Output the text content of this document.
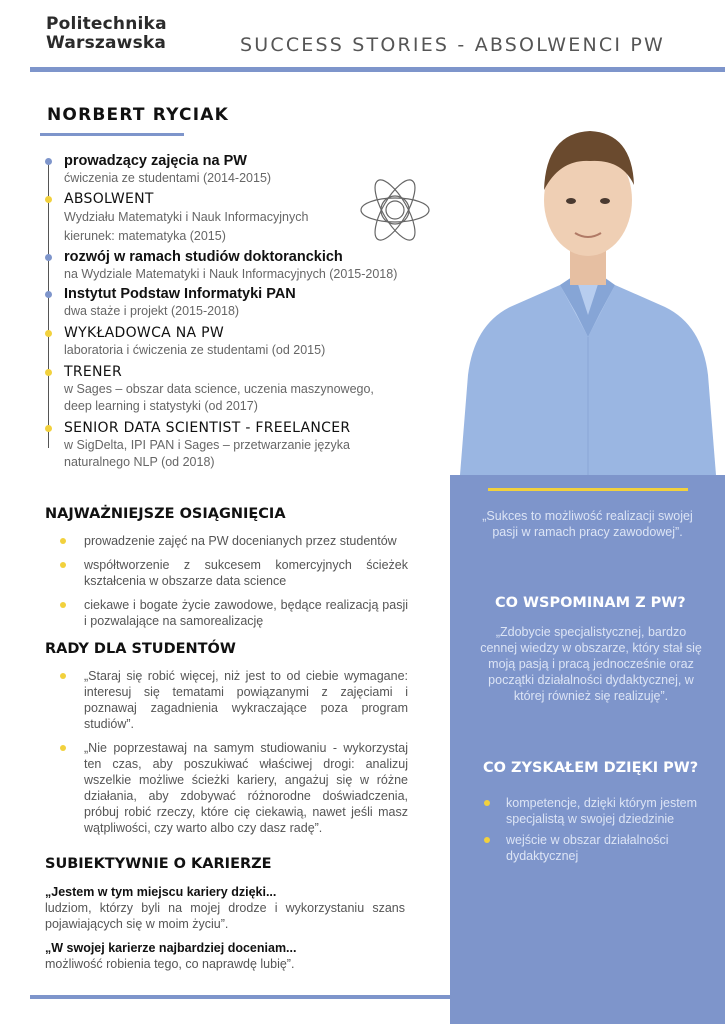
Politechnika
Warszawska	SUCCESS STORIES - ABSOLWENCI PW
NORBERT RYCIAK
prowadzący zajęcia na PW
ćwiczenia ze studentami (2014-2015)
ABSOLWENT
Wydziału Matematyki i Nauk Informacyjnych kierunek: matematyka (2015)
rozwój w ramach studiów doktoranckich
na Wydziale Matematyki i Nauk Informacyjnych (2015-2018)
Instytut Podstaw Informatyki PAN
dwa staże i projekt (2015-2018)
WYKŁADOWCA NA PW
laboratoria i ćwiczenia ze studentami (od 2015)
TRENER
w Sages – obszar data science, uczenia maszynowego, deep learning i statystyki (od 2017)
SENIOR DATA SCIENTIST - FREELANCER
w SigDelta, IPI PAN i Sages – przetwarzanie języka naturalnego NLP (od 2018)
„Sukces to możliwość realizacji swojej pasji w ramach pracy zawodowej”.
CO WSPOMINAM Z PW?
„Zdobycie specjalistycznej, bardzo cennej wiedzy w obszarze, który stał się moją pasją i pracą jednocześnie oraz początki działalności dydaktycznej, w której również się realizuję”.
CO ZYSKAŁEM DZIĘKI PW?
kompetencje, dzięki którym jestem specjalistą w swojej dziedzinie
wejście w obszar działalności dydaktycznej
NAJWAŻNIEJSZE OSIĄGNIĘCIA
prowadzenie zajęć na PW docenianych przez studentów
współtworzenie z sukcesem komercyjnych ścieżek kształcenia w obszarze data science
ciekawe i bogate życie zawodowe, będące realizacją pasji i pozwalające na samorealizację
RADY DLA STUDENTÓW
„Staraj się robić więcej, niż jest to od ciebie wymagane: interesuj się tematami powiązanymi z zajęciami i poznawaj zagadnienia wykraczające poza program studiów”.
„Nie poprzestawaj na samym studiowaniu - wykorzystaj ten czas, aby poszukiwać właściwej drogi: analizuj wszelkie możliwe ścieżki kariery, angażuj się w różne działania, aby zdobywać różnorodne doświadczenia, próbuj robić rzeczy, które cię ciekawią, nawet jeśli masz wątpliwości, czy warto albo czy dasz radę”.
SUBIEKTYWNIE O KARIERZE
„Jestem w tym miejscu kariery dzięki...
ludziom, którzy byli na mojej drodze i wykorzystaniu szans pojawiających się w moim życiu”.
„W swojej karierze najbardziej doceniam...
możliwość robienia tego, co naprawdę lubię”.
